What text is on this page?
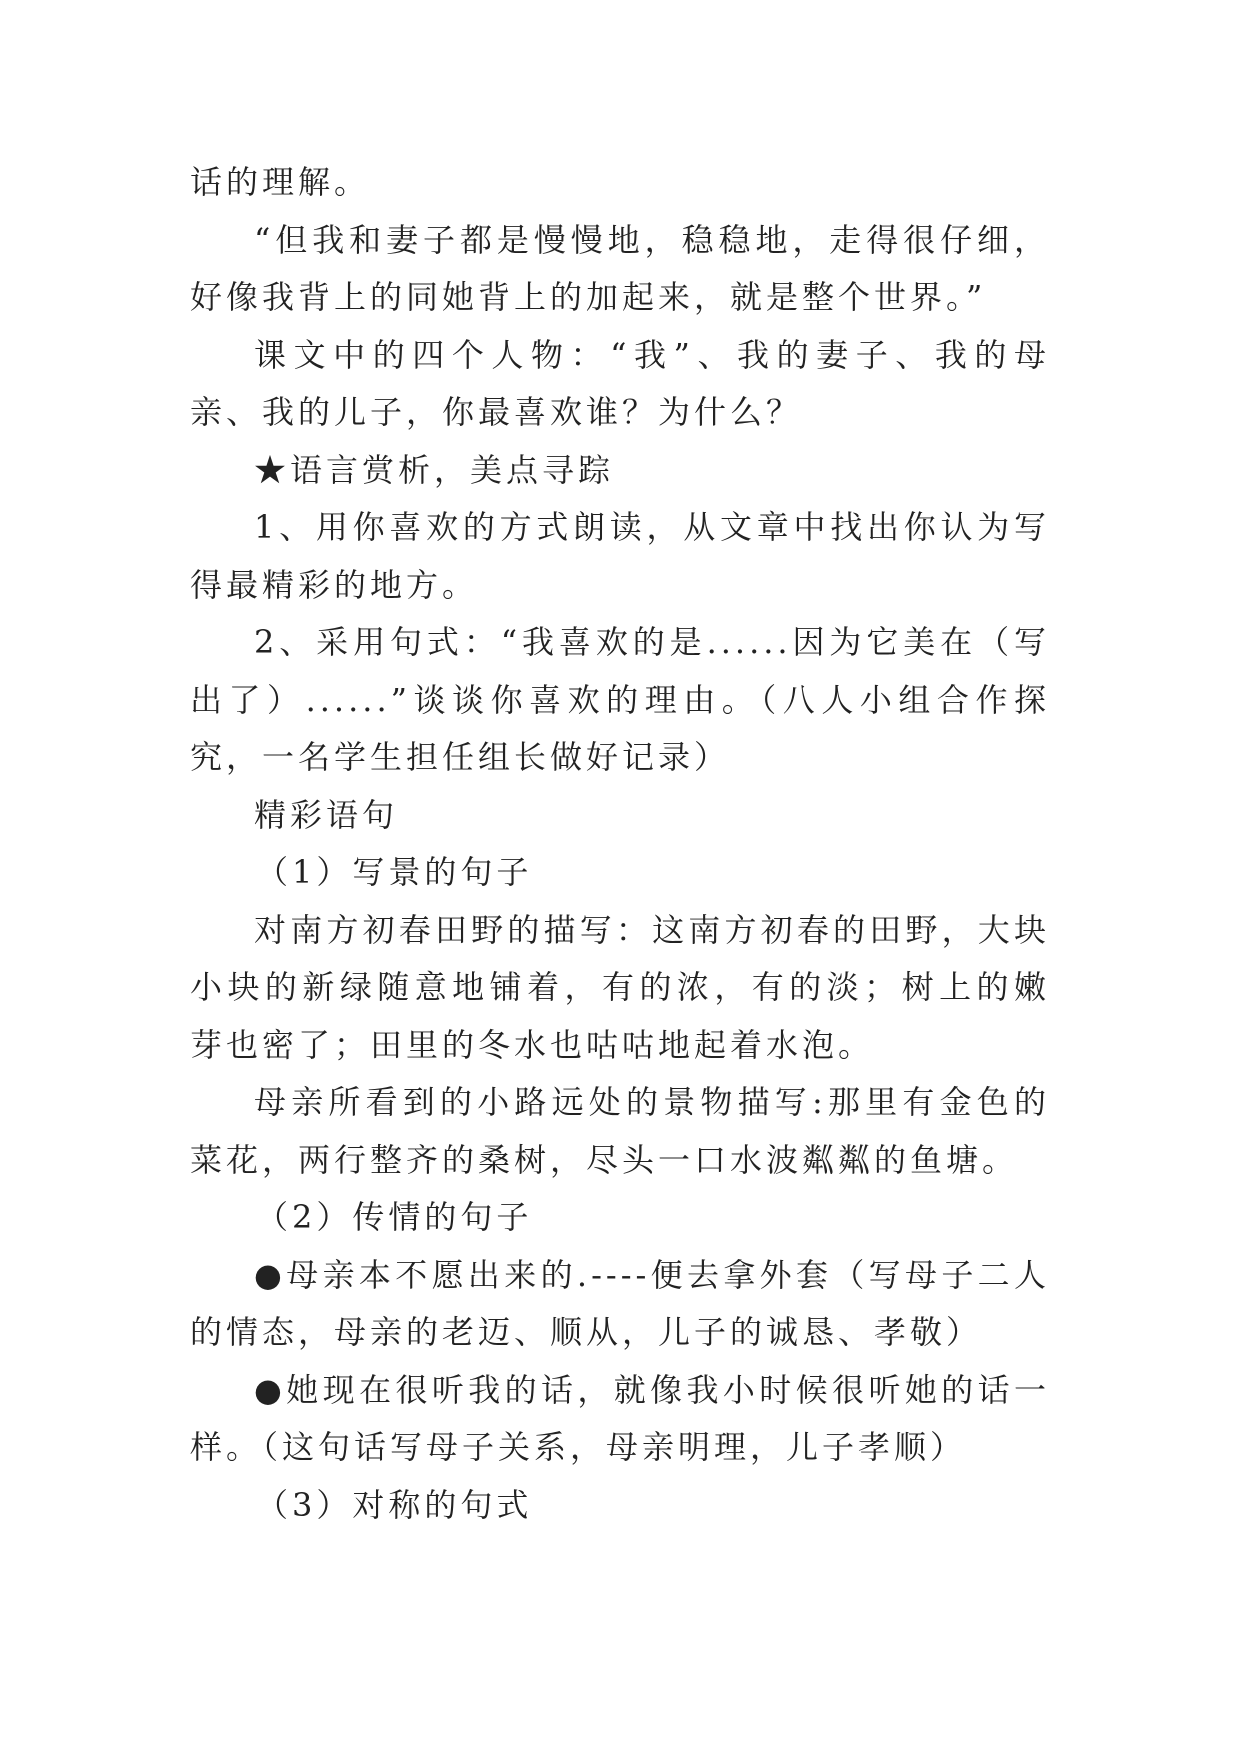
话的理解。

“但我和妻子都是慢慢地，稳稳地，走得很仔细，好像我背上的同她背上的加起来，就是整个世界。”

课文中的四个人物：“我”、我的妻子、我的母亲、我的儿子，你最喜欢谁？为什么？

★语言赏析，美点寻踪

1、用你喜欢的方式朗读，从文章中找出你认为写得最精彩的地方。

2、采用句式：“我喜欢的是......因为它美在（写出了）......”谈谈你喜欢的理由。（八人小组合作探究，一名学生担任组长做好记录）

精彩语句

（1）写景的句子

对南方初春田野的描写：这南方初春的田野，大块小块的新绿随意地铺着，有的浓，有的淡；树上的嫩芽也密了；田里的冬水也咕咕地起着水泡。

母亲所看到的小路远处的景物描写:那里有金色的菜花，两行整齐的桑树，尽头一口水波粼粼的鱼塘。

（2）传情的句子

●母亲本不愿出来的.----便去拿外套（写母子二人的情态，母亲的老迈、顺从，儿子的诚恳、孝敬）

●她现在很听我的话，就像我小时候很听她的话一样。（这句话写母子关系，母亲明理，儿子孝顺）

（3）对称的句式
